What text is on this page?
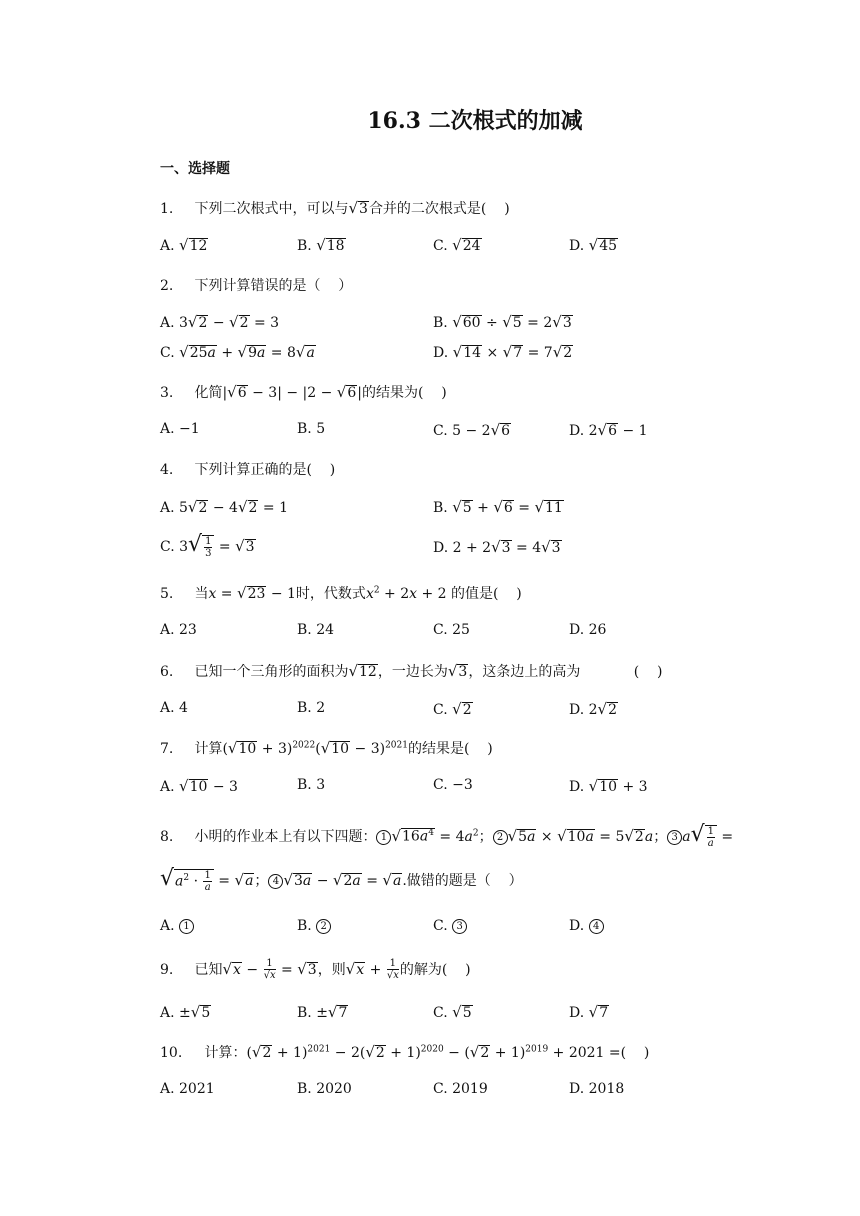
16.3 二次根式的加减
一、选择题
1. 下列二次根式中，可以与√3合并的二次根式是(    )
A. √12	B. √18	C. √24	D. √45
2. 下列计算错误的是（    ）
A. 3√2 − √2 = 3	B. √60 ÷ √5 = 2√3
C. √25a + √9a = 8√a	D. √14 × √7 = 7√2
3. 化简|√6 − 3| − |2 − √6|的结果为(    )
A. −1	B. 5	C. 5 − 2√6	D. 2√6 − 1
4. 下列计算正确的是(    )
A. 5√2 − 4√2 = 1	B. √5 + √6 = √11
C. $3√ \frac{1}{3} = √3$	D. 2 + 2√3 = 4√3
5. 当x = √23 − 1时，代数式$x^2 + 2x + 2$ 的值是(    )
A. 23	B. 24	C. 25	D. 26
6. 已知一个三角形的面积为√12，一边长为√3，这条边上的高为            (    )
A. 4	B. 2	C. √2	D. 2√2
7. 计算$(√10 + 3)^{2022}(√10 - 3)^{2021}$的结果是(    )
A. √10 − 3	B. 3	C. −3	D. √10 + 3
8. 小明的作业本上有以下四题： 1 $√16a^4 = 4a^2$； 2 √5a × √10a = 5√2a； 3 $a√ \frac{1}{a}$ =
$√a^2 \cdot \frac{1}{a} = √a$； 4 √3a − √2a = √a.做错的题是（    ）
A. 1	B. 2	C. 3	D. 4
9. 已知$√x - \frac{1}{√x} = √3$，则$√x + \frac{1}{√x}$ 的解为(    )
A. ±√5	B. ±√7	C. √5	D. √7
10. 计算：$(√2 + 1)^{2021} - 2(√2 + 1)^{2020} - (√2 + 1)^{2019} + 2021$ =(    )
A. 2021	B. 2020	C. 2019	D. 2018
